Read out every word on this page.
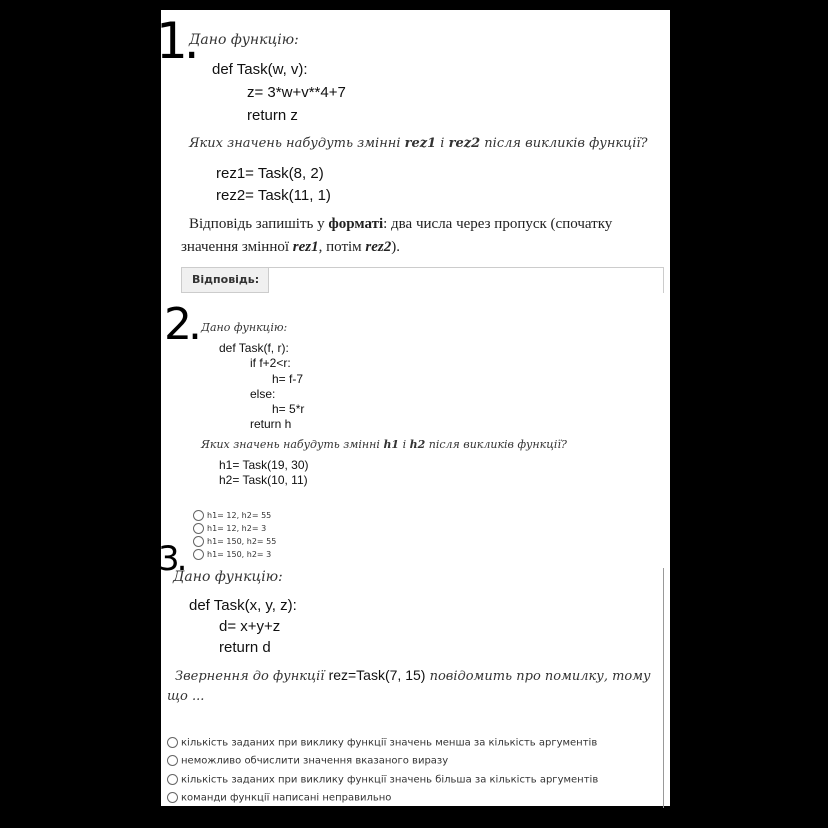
1.
Дано функцію:
def Task(w, v):
z= 3*w+v**4+7
return z
Яких значень набудуть змінні rez1 і rez2 після викликів функції?
rez1= Task(8, 2)
rez2= Task(11, 1)
Відповідь запишіть у форматі: два числа через пропуск (спочатку
значення змінної rez1, потім rez2).
Відповідь:
2. Дано функцію:
def Task(f, r):
if f+2<r:
h= f-7
else:
h= 5*r
return h
Яких значень набудуть змінні h1 і h2 після викликів функції?
h1= Task(19, 30)
h2= Task(10, 11)
h1= 12, h2= 55
h1= 12, h2= 3
h1= 150, h2= 55
h1= 150, h2= 3
3.
Дано функцію:
def Task(x, y, z):
d= x+y+z
return d
Звернення до функції rez=Task(7, 15) повідомить про помилку, тому
що ...
кількість заданих при виклику функції значень менша за кількість аргументів
неможливо обчислити значення вказаного виразу
кількість заданих при виклику функції значень більша за кількість аргументів
команди функції написані неправильно
